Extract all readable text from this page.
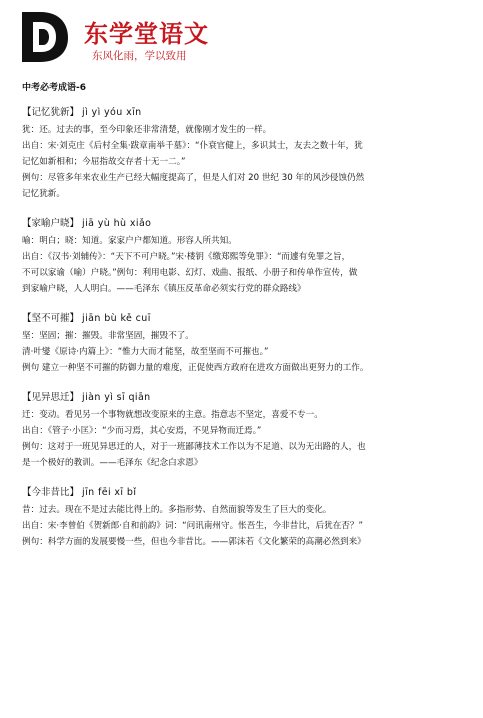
东学堂语文
东风化雨，学以致用
中考必考成语-6
【记忆犹新】 jì yì yóu xīn

犹：还。过去的事，至今印象还非常清楚，就像刚才发生的一样。

出自：宋·刘克庄《后村全集·跋章南举千墓》：“仆衰官健上，多识其士，友去之数十年，犹

记忆如新相和；今屈指故交存者十无一二。”

例句：尽管多年来农业生产已经大幅度提高了，但是人们对 20 世纪 30 年的风沙侵蚀仍然

记忆犹新。

【家喻户晓】 jiā yù hù xiǎo

喻：明白；晓：知道。家家户户都知道。形容人所共知。

出自：《汉书·刘辅传》：“天下不可户晓。”宋·楼钥《缴郑熙等免罪》：“而遽有免罪之旨，

不可以家谕（喻）户晓。”例句：利用电影、幻灯、戏曲、报纸、小册子和传单作宣传，做

到家喻户晓，人人明白。——毛泽东《镇压反革命必须实行党的群众路线》

【坚不可摧】 jiān bù kě cuī

坚：坚固；摧：摧毁。非常坚固，摧毁不了。

清·叶燮《原诗·内篇上》：“惟力大而才能坚，故至坚而不可摧也。”

例句 建立一种坚不可摧的防御力量的难度，正促使西方政府在进攻方面做出更努力的工作。

【见异思迁】 jiàn yì sī qiān

迁：变动。看见另一个事物就想改变原来的主意。指意志不坚定，喜爱不专一。

出自：《管子·小匡》：“少而习焉，其心安焉，不见异物而迁焉。”

例句：这对于一班见异思迁的人，对于一班鄙薄技术工作以为不足道、以为无出路的人，也

是一个极好的教训。——毛泽东《纪念白求恩》

【今非昔比】 jīn fēi xī bǐ

昔：过去。现在不是过去能比得上的。多指形势、自然面貌等发生了巨大的变化。

出自：宋·李曾伯《贺新郎·自和前韵》词：“问讯南州守。怅吾生，今非昔比，后犹在否？”

例句：科学方面的发展要慢一些，但也今非昔比。——郭沫若《文化繁荣的高潮必然到来》
